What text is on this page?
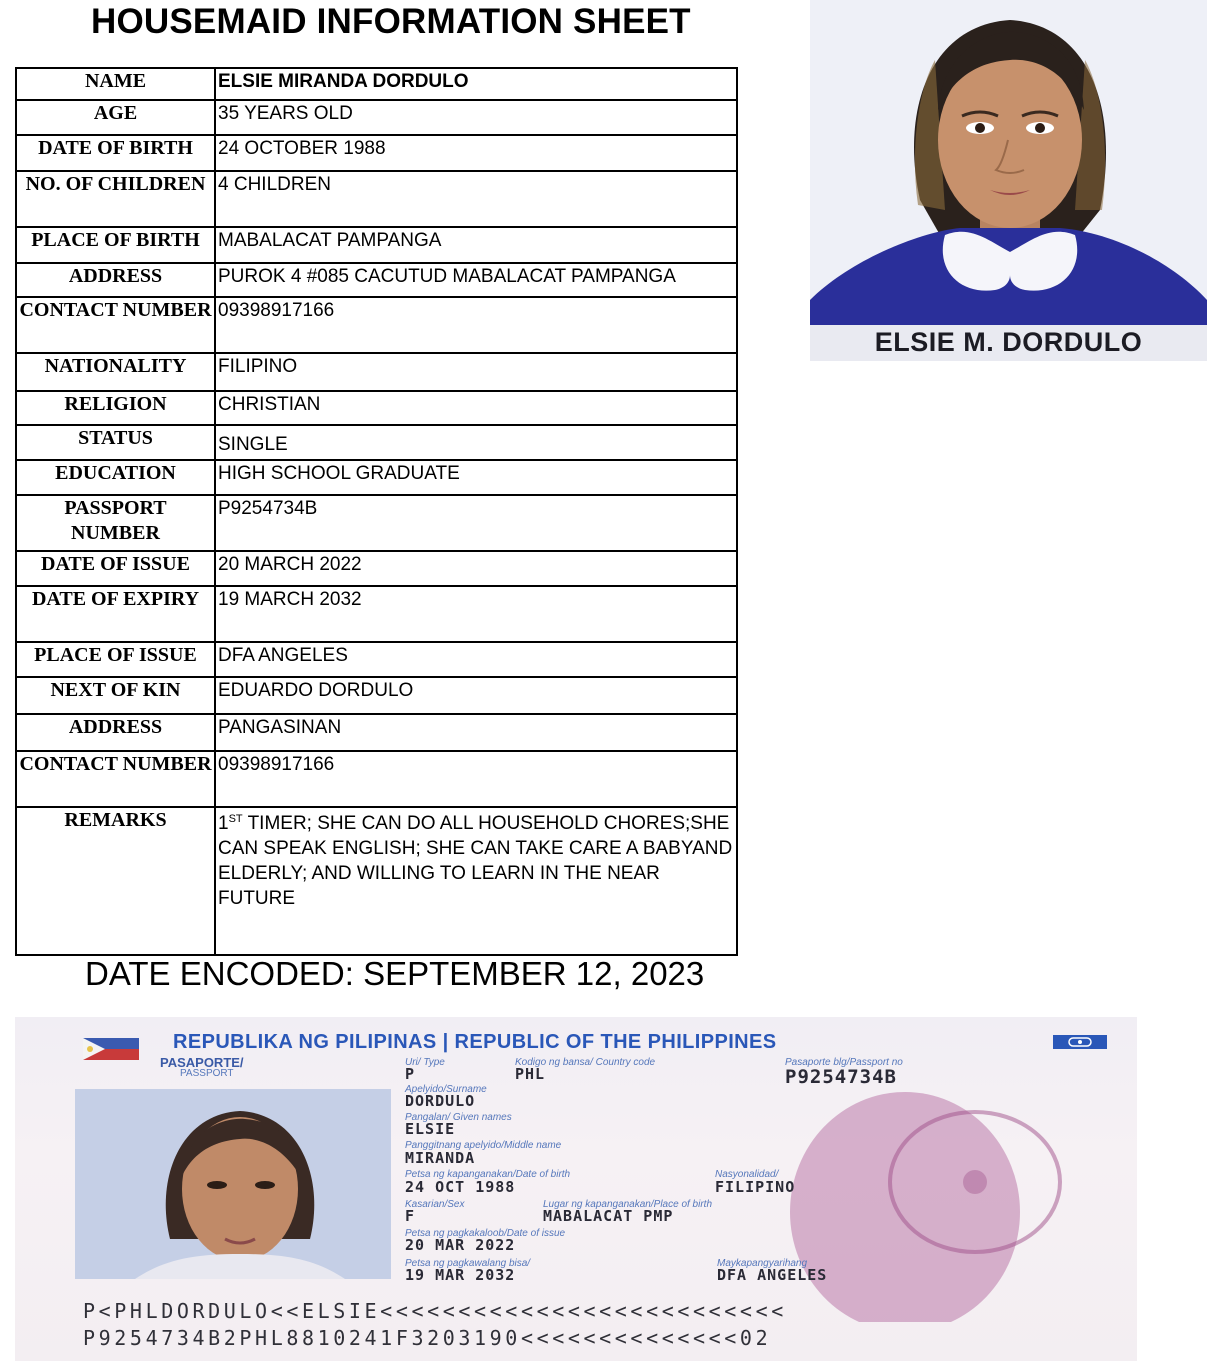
HOUSEMAID INFORMATION SHEET
NAME	ELSIE MIRANDA DORDULO
AGE	35 YEARS OLD
DATE OF BIRTH	24 OCTOBER 1988
NO. OF CHILDREN	4 CHILDREN
PLACE OF BIRTH	MABALACAT PAMPANGA
ADDRESS	PUROK 4 #085 CACUTUD MABALACAT PAMPANGA
CONTACT NUMBER	09398917166
NATIONALITY	FILIPINO
RELIGION	CHRISTIAN
STATUS	SINGLE
EDUCATION	HIGH SCHOOL GRADUATE
PASSPORT NUMBER	P9254734B
DATE OF ISSUE	20 MARCH 2022
DATE OF EXPIRY	19 MARCH 2032
PLACE OF ISSUE	DFA ANGELES
NEXT OF KIN	EDUARDO DORDULO
ADDRESS	PANGASINAN
CONTACT NUMBER	09398917166
REMARKS	1ST TIMER; SHE CAN DO ALL HOUSEHOLD CHORES;SHE CAN SPEAK ENGLISH; SHE CAN TAKE CARE A BABYAND ELDERLY; AND WILLING TO LEARN IN THE NEAR FUTURE
DATE ENCODED: SEPTEMBER 12, 2023
ELSIE M. DORDULO
REPUBLIKA NG PILIPINAS | REPUBLIC OF THE PHILIPPINES
PASAPORTE/
PASSPORT
Uri/ Type
P
Kodigo ng bansa/ Country code
PHL
Pasaporte blg/Passport no
P9254734B
Apelyido/Surname
DORDULO
Pangalan/ Given names
ELSIE
Panggitnang apelyido/Middle name
MIRANDA
Petsa ng kapanganakan/Date of birth
24 OCT 1988
Nasyonalidad/
FILIPINO
Kasarian/Sex
F
Lugar ng kapanganakan/Place of birth
MABALACAT PMP
Petsa ng pagkakaloob/Date of issue
20 MAR 2022
Petsa ng pagkawalang bisa/
19 MAR 2032
Maykapangyarihang
DFA ANGELES
P<PHLDORDULO<<ELSIE<<<<<<<<<<<<<<<<<<<<<<<<<<
P9254734B2PHL8810241F3203190<<<<<<<<<<<<<<02
